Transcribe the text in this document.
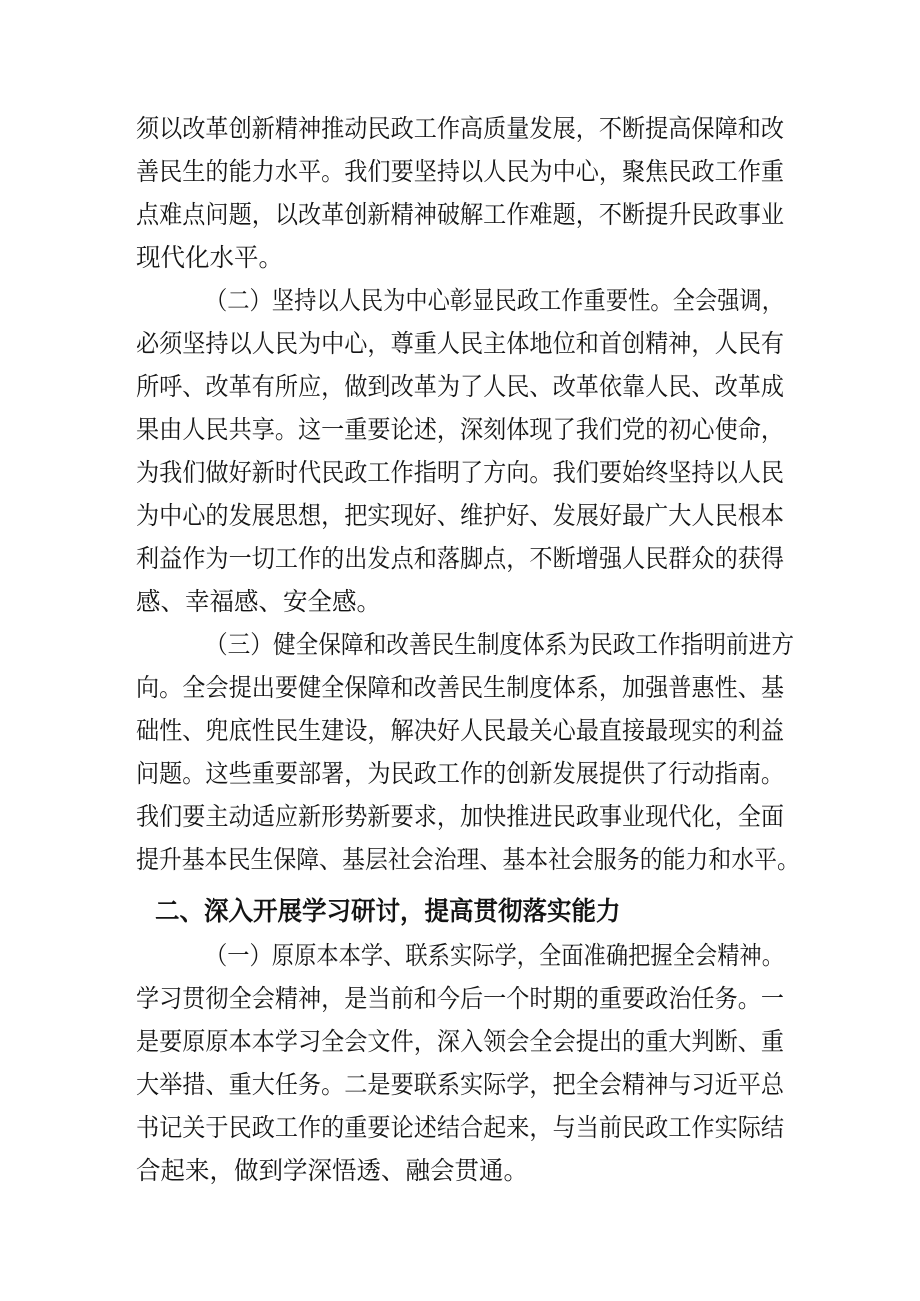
须以改革创新精神推动民政工作高质量发展，不断提高保障和改
善民生的能力水平。我们要坚持以人民为中心，聚焦民政工作重
点难点问题，以改革创新精神破解工作难题，不断提升民政事业
现代化水平。
（二）坚持以人民为中心彰显民政工作重要性。全会强调，
必须坚持以人民为中心，尊重人民主体地位和首创精神，人民有
所呼、改革有所应，做到改革为了人民、改革依靠人民、改革成
果由人民共享。这一重要论述，深刻体现了我们党的初心使命，
为我们做好新时代民政工作指明了方向。我们要始终坚持以人民
为中心的发展思想，把实现好、维护好、发展好最广大人民根本
利益作为一切工作的出发点和落脚点，不断增强人民群众的获得
感、幸福感、安全感。
（三）健全保障和改善民生制度体系为民政工作指明前进方
向。全会提出要健全保障和改善民生制度体系，加强普惠性、基
础性、兜底性民生建设，解决好人民最关心最直接最现实的利益
问题。这些重要部署，为民政工作的创新发展提供了行动指南。
我们要主动适应新形势新要求，加快推进民政事业现代化，全面
提升基本民生保障、基层社会治理、基本社会服务的能力和水平。
二、深入开展学习研讨，提高贯彻落实能力
（一）原原本本学、联系实际学，全面准确把握全会精神。
学习贯彻全会精神，是当前和今后一个时期的重要政治任务。一
是要原原本本学习全会文件，深入领会全会提出的重大判断、重
大举措、重大任务。二是要联系实际学，把全会精神与习近平总
书记关于民政工作的重要论述结合起来，与当前民政工作实际结
合起来，做到学深悟透、融会贯通。
